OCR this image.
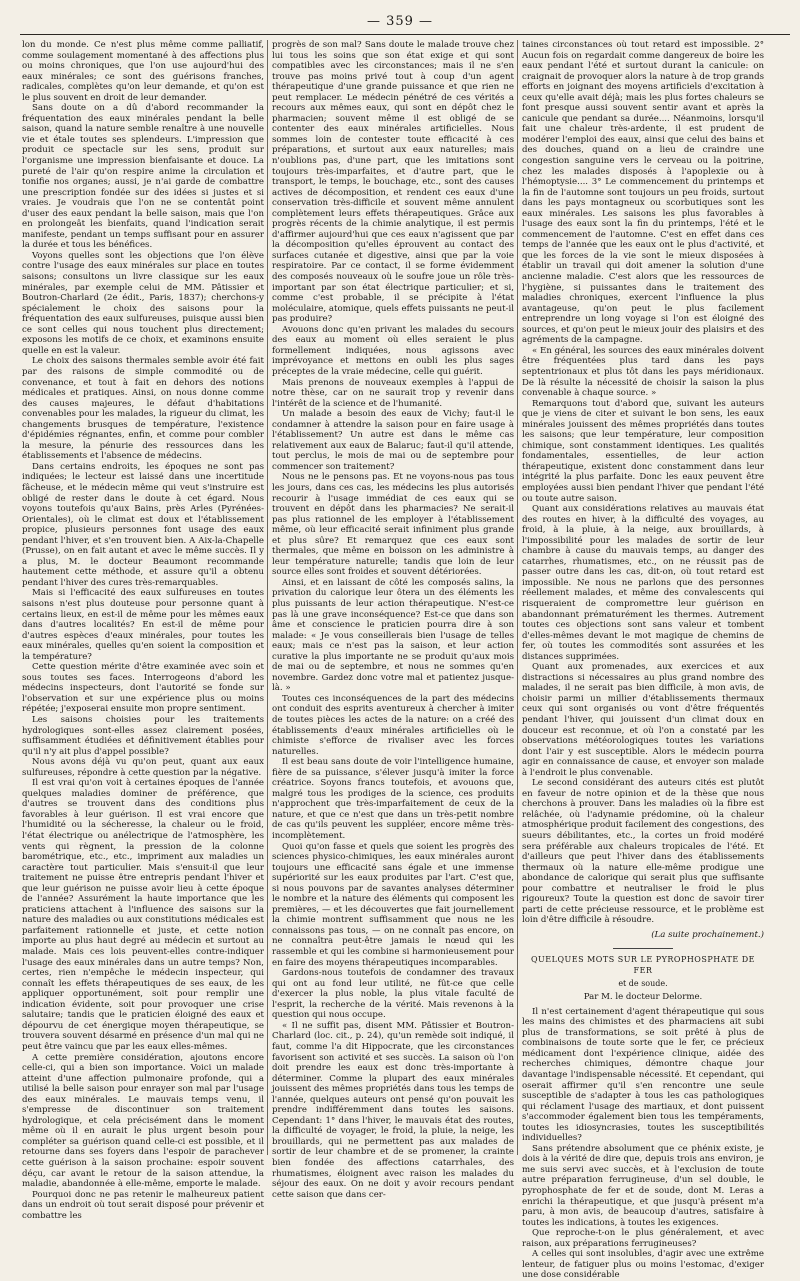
— 359 —

lon du monde. Ce n'est plus même comme palliatif, comme soulagement momentané à des affections plus ou moins chroniques, que l'on use aujourd'hui des eaux minérales; ce sont des guérisons franches, radicales, complètes qu'on leur demande, et qu'on est le plus souvent en droit de leur demander.

Sans doute on a dû d'abord recommander la fréquentation des eaux minérales pendant la belle saison, quand la nature semble renaître à une nouvelle vie et étale toutes ses splendeurs. L'impression que produit ce spectacle sur les sens, produit sur l'organisme une impression bienfaisante et douce. La pureté de l'air qu'on respire anime la circulation et tonifie nos organes; aussi, je n'ai garde de combattre une prescription fondée sur des idées si justes et si vraies. Je voudrais que l'on ne se contentât point d'user des eaux pendant la belle saison, mais que l'on en prolongeât les bienfaits, quand l'indication serait manifeste, pendant un temps suffisant pour en assurer la durée et tous les bénéfices.

Voyons quelles sont les objections que l'on élève contre l'usage des eaux minérales sur place en toutes saisons; consultons un livre classique sur les eaux minérales, par exemple celui de MM. Pâtissier et Boutron-Charlard (2e édit., Paris, 1837); cherchons-y spécialement le choix des saisons pour la fréquentation des eaux sulfureuses, puisque aussi bien ce sont celles qui nous touchent plus directement; exposons les motifs de ce choix, et examinons ensuite quelle en est la valeur.

Le choix des saisons thermales semble avoir été fait par des raisons de simple commodité ou de convenance, et tout à fait en dehors des notions médicales et pratiques. Ainsi, on nous donne comme des causes majeures, le défaut d'habitations convenables pour les malades, la rigueur du climat, les changements brusques de température, l'existence d'épidémies régnantes, enfin, et comme pour combler la mesure, la pénurie des ressources dans les établissements et l'absence de médecins.

Dans certains endroits, les époques ne sont pas indiquées; le lecteur est laissé dans une incertitude fâcheuse, et le médecin même qui veut s'instruire est obligé de rester dans le doute à cet égard. Nous voyons toutefois qu'aux Bains, près Arles (Pyrénées-Orientales), où le climat est doux et l'établissement propice, plusieurs personnes font usage des eaux pendant l'hiver, et s'en trouvent bien. A Aix-la-Chapelle (Prusse), on en fait autant et avec le même succès. Il y a plus, M. le docteur Beaumont recommande hautement cette méthode, et assure qu'il a obtenu pendant l'hiver des cures très-remarquables.

Mais si l'efficacité des eaux sulfureuses en toutes saisons n'est plus douteuse pour personne quant à certains lieux, en est-il de même pour les mêmes eaux dans d'autres localités? En est-il de même pour d'autres espèces d'eaux minérales, pour toutes les eaux minérales, quelles qu'en soient la composition et la température?

Cette question mérite d'être examinée avec soin et sous toutes ses faces. Interrogeons d'abord les médecins inspecteurs, dont l'autorité se fonde sur l'observation et sur une expérience plus ou moins répétée; j'exposerai ensuite mon propre sentiment.

Les saisons choisies pour les traitements hydrologiques sont-elles assez clairement posées, suffisamment étudiées et définitivement établies pour qu'il n'y ait plus d'appel possible?

Nous avons déjà vu qu'on peut, quant aux eaux sulfureuses, répondre à cette question par la négative.

Il est vrai qu'on voit à certaines époques de l'année quelques maladies dominer de préférence, que d'autres se trouvent dans des conditions plus favorables à leur guérison. Il est vrai encore que l'humidité ou la sécheresse, la chaleur ou le froid, l'état électrique ou anélectrique de l'atmosphère, les vents qui règnent, la pression de la colonne barométrique, etc., etc., impriment aux maladies un caractère tout particulier. Mais s'ensuit-il que leur traitement ne puisse être entrepris pendant l'hiver et que leur guérison ne puisse avoir lieu à cette époque de l'année? Assurément la haute importance que les praticiens attachent à l'influence des saisons sur la nature des maladies ou aux constitutions médicales est parfaitement rationnelle et juste, et cette notion importe au plus haut degré au médecin et surtout au malade. Mais ces lois peuvent-elles contre-indiquer l'usage des eaux minérales dans un autre temps? Non, certes, rien n'empêche le médecin inspecteur, qui connaît les effets thérapeutiques de ses eaux, de les appliquer opportunément, soit pour remplir une indication évidente, soit pour provoquer une crise salutaire; tandis que le praticien éloigné des eaux et dépourvu de cet énergique moyen thérapeutique, se trouvera souvent désarmé en présence d'un mal qui ne peut être vaincu que par les eaux elles-mêmes.

A cette première considération, ajoutons encore celle-ci, qui a bien son importance. Voici un malade atteint d'une affection pulmonaire profonde, qui a utilisé la belle saison pour enrayer son mal par l'usage des eaux minérales. Le mauvais temps venu, il s'empresse de discontinuer son traitement hydrologique, et cela précisément dans le moment même où il en aurait le plus urgent besoin pour compléter sa guérison quand celle-ci est possible, et il retourne dans ses foyers dans l'espoir de parachever cette guérison à la saison prochaine: espoir souvent déçu, car avant le retour de la saison attendue, la maladie, abandonnée à elle-même, emporte le malade.

Pourquoi donc ne pas retenir le malheureux patient dans un endroit où tout serait disposé pour prévenir et combattre les

progrès de son mal? Sans doute le malade trouve chez lui tous les soins que son état exige et qui sont compatibles avec les circonstances; mais il ne s'en trouve pas moins privé tout à coup d'un agent thérapeutique d'une grande puissance et que rien ne peut remplacer. Le médecin pénétré de ces vérités a recours aux mêmes eaux, qui sont en dépôt chez le pharmacien; souvent même il est obligé de se contenter des eaux minérales artificielles. Nous sommes loin de contester toute efficacité à ces préparations, et surtout aux eaux naturelles; mais n'oublions pas, d'une part, que les imitations sont toujours très-imparfaites, et d'autre part, que le transport, le temps, le bouchage, etc., sont des causes actives de décomposition, et rendent ces eaux d'une conservation très-difficile et souvent même annulent complètement leurs effets thérapeutiques. Grâce aux progrès récents de la chimie analytique, il est permis d'affirmer aujourd'hui que ces eaux n'agissent que par la décomposition qu'elles éprouvent au contact des surfaces cutanée et digestive, ainsi que par la voie respiratoire. Par ce contact, il se forme évidemment des composés nouveaux où le soufre joue un rôle très-important par son état électrique particulier; et si, comme c'est probable, il se précipite à l'état moléculaire, atomique, quels effets puissants ne peut-il pas produire?

Avouons donc qu'en privant les malades du secours des eaux au moment où elles seraient le plus formellement indiquées, nous agissons avec imprévoyance et mettons en oubli les plus sages préceptes de la vraie médecine, celle qui guérit.

Mais prenons de nouveaux exemples à l'appui de notre thèse, car on ne saurait trop y revenir dans l'intérêt de la science et de l'humanité.

Un malade a besoin des eaux de Vichy; faut-il le condamner à attendre la saison pour en faire usage à l'établissement? Un autre est dans le même cas relativement aux eaux de Balaruc; faut-il qu'il attende, tout perclus, le mois de mai ou de septembre pour commencer son traitement?

Nous ne le pensons pas. Et ne voyons-nous pas tous les jours, dans ces cas, les médecins les plus autorisés recourir à l'usage immédiat de ces eaux qui se trouvent en dépôt dans les pharmacies? Ne serait-il pas plus rationnel de les employer à l'établissement même, où leur efficacité serait infiniment plus grande et plus sûre? Et remarquez que ces eaux sont thermales, que même en boisson on les administre à leur température naturelle; tandis que loin de leur source elles sont froides et souvent détériorées.

Ainsi, et en laissant de côté les composés salins, la privation du calorique leur ôtera un des éléments les plus puissants de leur action thérapeutique. N'est-ce pas là une grave inconséquence? Est-ce que dans son âme et conscience le praticien pourra dire à son malade: « Je vous conseillerais bien l'usage de telles eaux; mais ce n'est pas la saison, et leur action curative la plus importante ne se produit qu'aux mois de mai ou de septembre, et nous ne sommes qu'en novembre. Gardez donc votre mal et patientez jusque-là. »

Toutes ces inconséquences de la part des médecins ont conduit des esprits aventureux à chercher à imiter de toutes pièces les actes de la nature: on a créé des établissements d'eaux minérales artificielles où le chimiste s'efforce de rivaliser avec les forces naturelles.

Il est beau sans doute de voir l'intelligence humaine, fière de sa puissance, s'élever jusqu'à imiter la force créatrice. Soyons francs toutefois, et avouons que, malgré tous les prodiges de la science, ces produits n'approchent que très-imparfaitement de ceux de la nature, et que ce n'est que dans un très-petit nombre de cas qu'ils peuvent les suppléer, encore même très-incomplètement.

Quoi qu'on fasse et quels que soient les progrès des sciences physico-chimiques, les eaux minérales auront toujours une efficacité sans égale et une immense supériorité sur les eaux produites par l'art. C'est que, si nous pouvons par de savantes analyses déterminer le nombre et la nature des éléments qui composent les premières, — et les découvertes que fait journellement la chimie montrent suffisamment que nous ne les connaissons pas tous, — on ne connaît pas encore, on ne connaîtra peut-être jamais le nœud qui les rassemble et qui les combine si harmonieusement pour en faire des moyens thérapeutiques incomparables.

Gardons-nous toutefois de condamner des travaux qui ont au fond leur utilité, ne fût-ce que celle d'exercer la plus noble, la plus vitale faculté de l'esprit, la recherche de la vérité. Mais revenons à la question qui nous occupe.

« Il ne suffit pas, disent MM. Pâtissier et Boutron-Charlard (loc. cit., p. 24), qu'un remède soit indiqué, il faut, comme l'a dit Hippocrate, que les circonstances favorisent son activité et ses succès. La saison où l'on doit prendre les eaux est donc très-importante à déterminer. Comme la plupart des eaux minérales jouissent des mêmes propriétés dans tous les temps de l'année, quelques auteurs ont pensé qu'on pouvait les prendre indifféremment dans toutes les saisons. Cependant: 1° dans l'hiver, le mauvais état des routes, la difficulté de voyager, le froid, la pluie, la neige, les brouillards, qui ne permettent pas aux malades de sortir de leur chambre et de se promener, la crainte bien fondée des affections catarrhales, des rhumatismes, éloignent avec raison les malades du séjour des eaux. On ne doit y avoir recours pendant cette saison que dans cer-

taines circonstances où tout retard est impossible. 2° Aucun fois on regardait comme dangereux de boire les eaux pendant l'été et surtout durant la canicule: on craignait de provoquer alors la nature à de trop grands efforts en joignant des moyens artificiels d'excitation à ceux qu'elle avait déjà; mais les plus fortes chaleurs se font presque aussi souvent sentir avant et après la canicule que pendant sa durée.... Néanmoins, lorsqu'il fait une chaleur très-ardente, il est prudent de modérer l'emploi des eaux, ainsi que celui des bains et des douches, quand on a lieu de craindre une congestion sanguine vers le cerveau ou la poitrine, chez les malades disposés à l'apoplexie ou à l'hémoptysie.... 3° Le commencement du printemps et la fin de l'automne sont toujours un peu froids, surtout dans les pays montagneux ou scorbutiques sont les eaux minérales. Les saisons les plus favorables à l'usage des eaux sont la fin du printemps, l'été et le commencement de l'automne. C'est en effet dans ces temps de l'année que les eaux ont le plus d'activité, et que les forces de la vie sont le mieux disposées à établir un travail qui doit amener la solution d'une ancienne maladie. C'est alors que les ressources de l'hygiène, si puissantes dans le traitement des maladies chroniques, exercent l'influence la plus avantageuse, qu'on peut le plus facilement entreprendre un long voyage si l'on est éloigné des sources, et qu'on peut le mieux jouir des plaisirs et des agréments de la campagne.

« En général, les sources des eaux minérales doivent être fréquentées plus tard dans les pays septentrionaux et plus tôt dans les pays méridionaux. De là résulte la nécessité de choisir la saison la plus convenable à chaque source. »

Remarquons tout d'abord que, suivant les auteurs que je viens de citer et suivant le bon sens, les eaux minérales jouissent des mêmes propriétés dans toutes les saisons; que leur température, leur composition chimique, sont constamment identiques. Les qualités fondamentales, essentielles, de leur action thérapeutique, existent donc constamment dans leur intégrité la plus parfaite. Donc les eaux peuvent être employées aussi bien pendant l'hiver que pendant l'été ou toute autre saison.

Quant aux considérations relatives au mauvais état des routes en hiver, à la difficulté des voyages, au froid, à la pluie, à la neige, aux brouillards, à l'impossibilité pour les malades de sortir de leur chambre à cause du mauvais temps, au danger des catarrhes, rhumatismes, etc., on ne réussit pas de passer outre dans les cas, dit-on, où tout retard est impossible. Ne nous ne parlons que des personnes réellement malades, et même des convalescents qui risqueraient de compromettre leur guérison en abandonnant prématurément les thermes. Autrement toutes ces objections sont sans valeur et tombent d'elles-mêmes devant le mot magique de chemins de fer, où toutes les commodités sont assurées et les distances supprimées.

Quant aux promenades, aux exercices et aux distractions si nécessaires au plus grand nombre des malades, il ne serait pas bien difficile, à mon avis, de choisir parmi un millier d'établissements thermaux ceux qui sont organisés ou vont d'être fréquentés pendant l'hiver, qui jouissent d'un climat doux en douceur est reconnue, et où l'on a constaté par les observations météorologiques toutes les variations dont l'air y est susceptible. Alors le médecin pourra agir en connaissance de cause, et envoyer son malade à l'endroit le plus convenable.

Le second considérant des auteurs cités est plutôt en faveur de notre opinion et de la thèse que nous cherchons à prouver. Dans les maladies où la fibre est relâchée, où l'adynamie prédomine, où la chaleur atmosphérique produit facilement des congestions, des sueurs débilitantes, etc., la cortes un froid modéré sera préférable aux chaleurs tropicales de l'été. Et d'ailleurs que peut l'hiver dans des établissements thermaux où la nature elle-même prodigue une abondance de calorique qui serait plus que suffisante pour combattre et neutraliser le froid le plus rigoureux? Toute la question est donc de savoir tirer parti de cette précieuse ressource, et le problème est loin d'être difficile à résoudre.

(La suite prochainement.)

QUELQUES MOTS SUR LE PYROPHOSPHATE DE FER

et de soude.

Par M. le docteur Delorme.

Il n'est certainement d'agent thérapeutique qui sous les mains des chimistes et des pharmaciens ait subi plus de transformations, se soit prêté à plus de combinaisons de toute sorte que le fer, ce précieux médicament dont l'expérience clinique, aidée des recherches chimiques, démontre chaque jour davantage l'indispensable nécessité. Et cependant, qui oserait affirmer qu'il s'en rencontre une seule susceptible de s'adapter à tous les cas pathologiques qui réclament l'usage des martiaux, et dont puissent s'accommoder également bien tous les tempéraments, toutes les idiosyncrasies, toutes les susceptibilités individuelles?

Sans prétendre absolument que ce phénix existe, je dois à la vérité de dire que, depuis trois ans environ, je me suis servi avec succès, et à l'exclusion de toute autre préparation ferrugineuse, d'un sel double, le pyrophosphate de fer et de soude, dont M. Leras a enrichi la thérapeutique, et que jusqu'à présent m'a paru, à mon avis, de beaucoup d'autres, satisfaire à toutes les indications, à toutes les exigences.

Que reproche-t-on le plus généralement, et avec raison, aux préparations ferrugineuses?

A celles qui sont insolubles, d'agir avec une extrême lenteur, de fatiguer plus ou moins l'estomac, d'exiger une dose considérable
